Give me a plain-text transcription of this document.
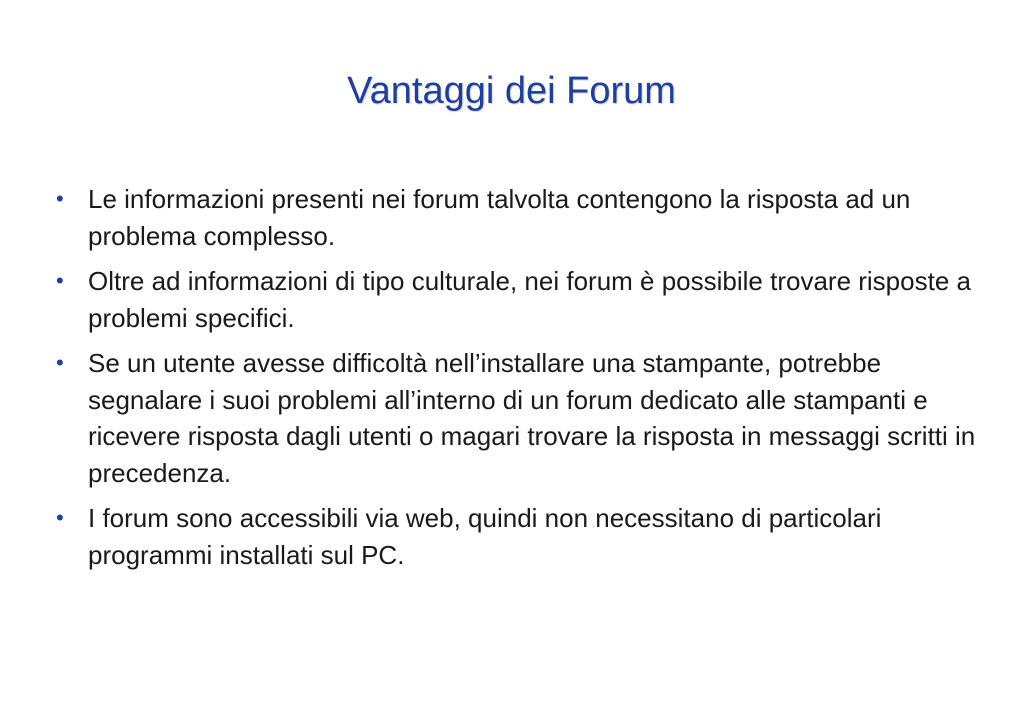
Vantaggi dei Forum
• Le informazioni presenti nei forum talvolta contengono la risposta ad un problema complesso.
• Oltre ad informazioni di tipo culturale, nei forum è possibile trovare risposte a problemi specifici.
• Se un utente avesse difficoltà nell’installare una stampante, potrebbe segnalare i suoi problemi all’interno di un forum dedicato alle stampanti e ricevere risposta dagli utenti o magari trovare la risposta in messaggi scritti in precedenza.
• I forum sono accessibili via web, quindi non necessitano di particolari programmi installati sul PC.
